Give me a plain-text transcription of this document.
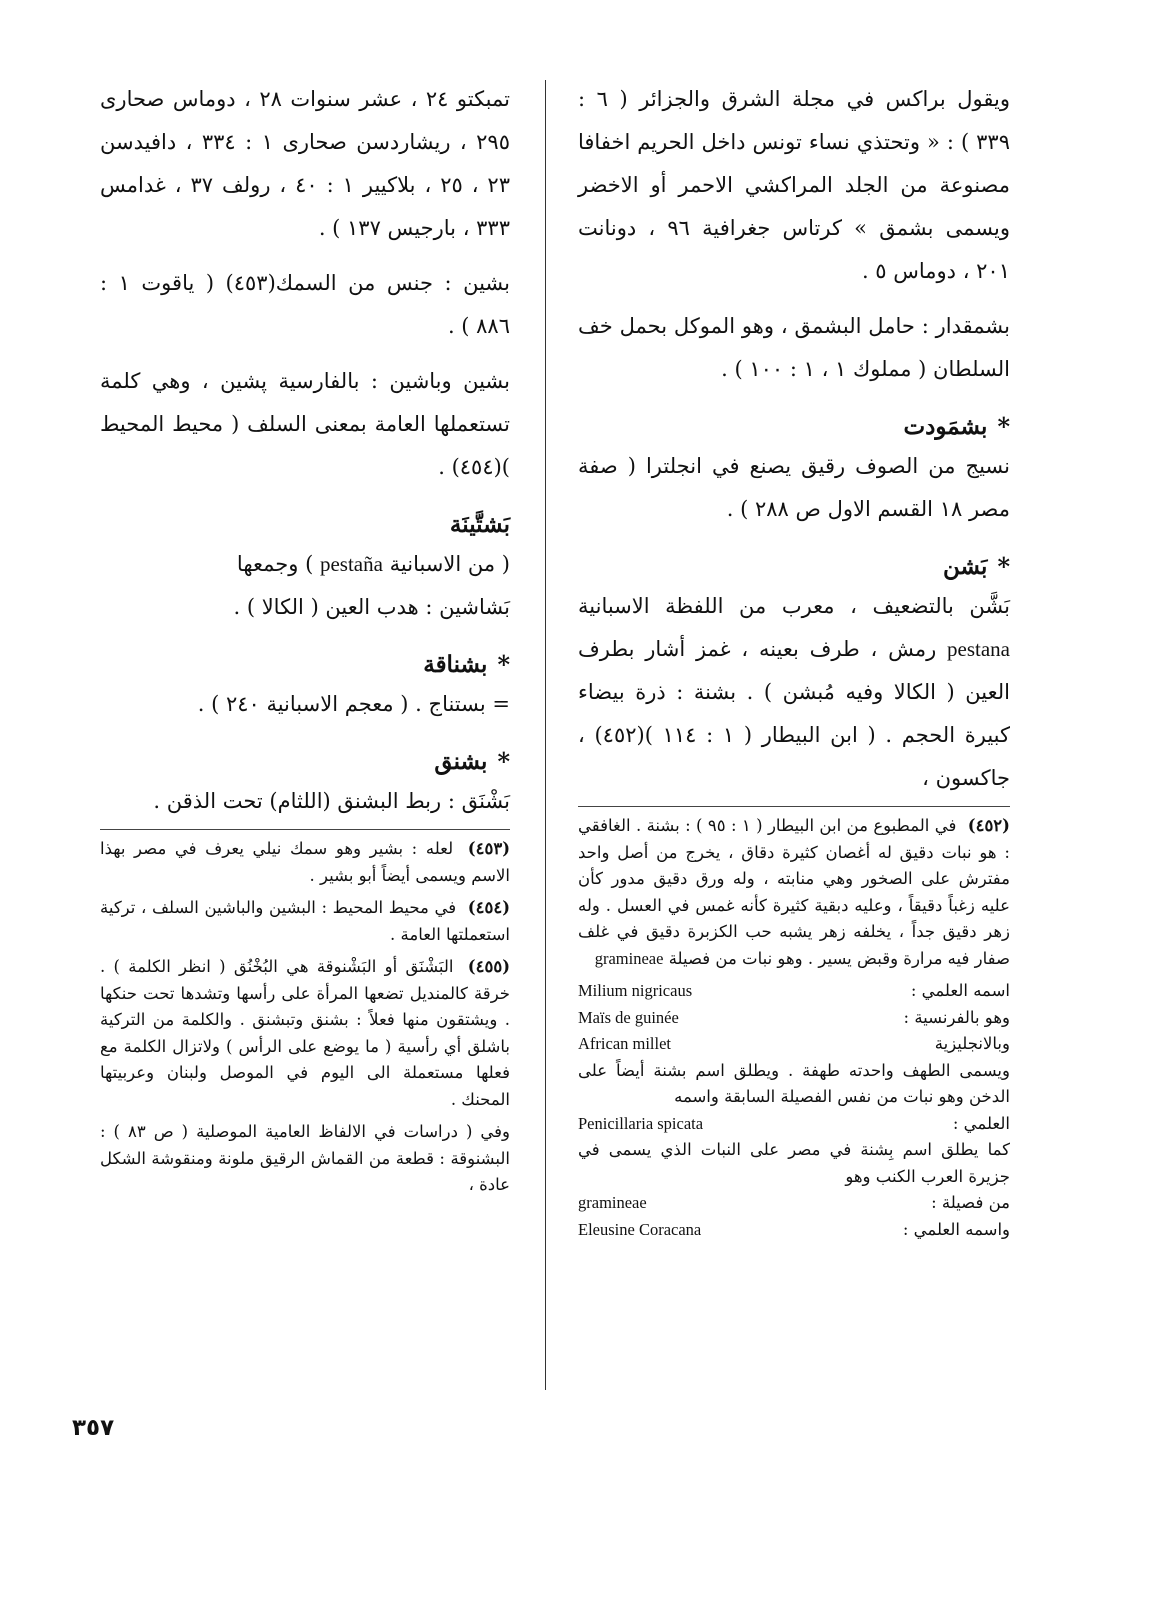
ويقول براكس في مجلة الشرق والجزائر ( ٦ : ٣٣٩ ) : « وتحتذي نساء تونس داخل الحريم اخفافا مصنوعة من الجلد المراكشي الاحمر أو الاخضر ويسمى بشمق » كرتاس جغرافية ٩٦ ، دونانت ٢٠١ ، دوماس ٥ .

بشمقدار : حامل البشمق ، وهو الموكل بحمل خف السلطان ( مملوك ١ ، ١ : ١٠٠ ) .

*
بشمَودت

نسيج من الصوف رقيق يصنع في انجلترا ( صفة مصر ١٨ القسم الاول ص ٢٨٨ ) .

*
بَشن

بَشَّن بالتضعيف ، معرب من اللفظة الاسبانية pestana رمش ، طرف بعينه ، غمز أشار بطرف العين ( الكالا وفيه مُبشن ) . بشنة : ذرة بيضاء كبيرة الحجم . ( ابن البيطار ( ١ : ١١٤ )(٤٥٢) ، جاكسون ،

(٤٥٢) في المطبوع من ابن البيطار ( ١ : ٩٥ ) : بشنة . الغافقي : هو نبات دقيق له أغصان كثيرة دقاق ، يخرج من أصل واحد مفترش على الصخور وهي منابته ، وله ورق دقيق مدور كأن عليه زغباً دقيقاً ، وعليه دبقية كثيرة كأنه غمس في العسل . وله زهر دقيق جداً ، يخلفه زهر يشبه حب الكزبرة دقيق في غلف صفار فيه مرارة وقبض يسير . وهو نبات من فصيلة gramineae
اسمه العلمي :
Milium nigricaus
وهو بالفرنسية :
Maïs de guinée
وبالانجليزية
African millet
ويسمى الطهف واحدته طهفة . ويطلق اسم بشنة أيضاً على الدخن وهو نبات من نفس الفصيلة السابقة واسمه
العلمي :
Penicillaria spicata
كما يطلق اسم بِشنة في مصر على النبات الذي يسمى في جزيرة العرب الكنب وهو
من فصيلة :
gramineae
واسمه العلمي :
Eleusine Coracana

تمبكتو ٢٤ ، عشر سنوات ٢٨ ، دوماس صحارى ٢٩٥ ، ريشاردسن صحارى ١ : ٣٣٤ ، دافيدسن ٢٣ ، ٢٥ ، بلاكيير ١ : ٤٠ ، رولف ٣٧ ، غدامس ٣٣٣ ، بارجيس ١٣٧ ) .

بشين : جنس من السمك(٤٥٣) ( ياقوت ١ : ٨٨٦ ) .

بشين وباشين : بالفارسية پشين ، وهي كلمة تستعملها العامة بمعنى السلف ( محيط المحيط )(٤٥٤) .

بَشتَّينَة

( من الاسبانية pestaña ) وجمعها

بَشاشين : هدب العين ( الكالا ) .

*
بشناقة

= بستناج . ( معجم الاسبانية ٢٤٠ ) .

*
بشنق

بَشْنَق : ربط البشنق (اللثام) تحت الذقن .

(٤٥٣) لعله : بشير وهو سمك نيلي يعرف في مصر بهذا الاسم ويسمى أيضاً أبو بشير .
(٤٥٤) في محيط المحيط : البشين والباشين السلف ، تركية استعملتها العامة .
(٤٥٥) البَشْنَق أو البَشْنوقة هي البُخْنُق ( انظر الكلمة ) . خرقة كالمنديل تضعها المرأة على رأسها وتشدها تحت حنكها . ويشتقون منها فعلاً : بشنق وتبشنق . والكلمة من التركية باشلق أي رأسية ( ما يوضع على الرأس ) ولاتزال الكلمة مع فعلها مستعملة الى اليوم في الموصل ولبنان وعربيتها المحنك .
وفي ( دراسات في الالفاظ العامية الموصلية ( ص ٨٣ ) : البشنوقة : قطعة من القماش الرقيق ملونة ومنقوشة الشكل عادة ،
٣٥٧
